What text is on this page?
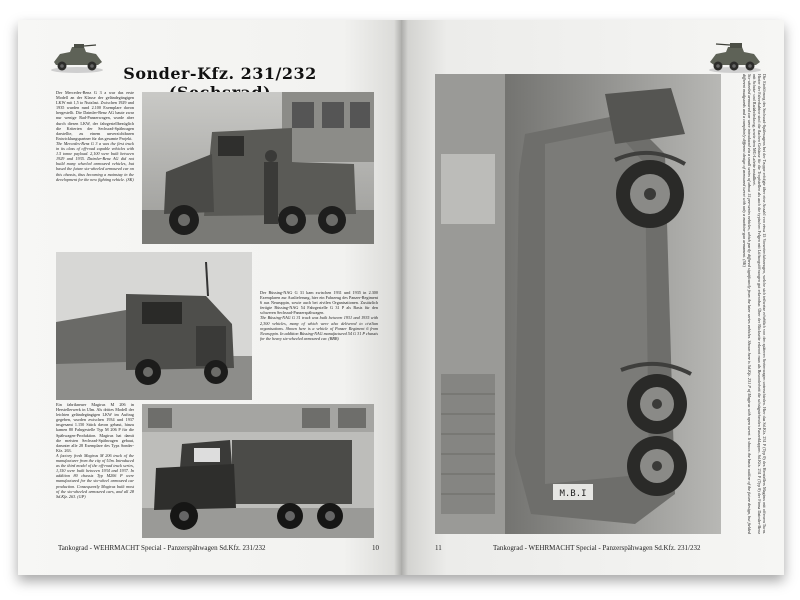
Sonder-Kfz. 231/232
Der Mercedes-Benz G 3 a war das erste Modell an der Klasse der geländegängigen LKW mit 1,5 to Nutzlast. Zwischen 1929 und 1935 wurden rund 2.100 Exemplare davon hergestellt. Die Daimler-Benz AG baute zwar nur wenige Rad-Panzerwagen, wurde aber durch diesen LKW, der fahrgestellbezüglich die Kriterien der Sechsrad-Spähwagen darstellte, zu einem unverzichtbaren Entwicklungspartner für das gesamte Projekt.
The Mercedes-Benz G 3 a was the first truck in its class of off-road capable vehicles with 1.5 tonne payload. 2,100 were built between 1929 and 1935. Daimler-Benz AG did not build many wheeled armoured vehicles, but based the future six-wheeled armoured car on this chassis, thus becoming a mainstay in the development for the new fighting vehicle. (SK)
Der Büssing-NAG G 31 kam zwischen 1931 und 1935 in 2.300 Exemplaren zur Auslieferung, hier ein Fahrzeug des Panzer-Regiment 6 aus Neuruppin, sowie auch bei zivilen Organisationen. Zusätzlich fertigte Büssing-NAG 54 Fahrgestelle G 31 P als Basis für den schweren Sechsrad-Panzerspähwagen.
The Büssing-NAG G 31 truck was built between 1931 and 1935 with 2,300 vehicles, many of which were also delivered to civilian organisations. Shown here is a vehicle of Panzer Regiment 6 from Neuruppin. In addition Büssing-NAG manufactured 54 G 31 P chassis for the heavy six-wheeled armoured car. (BBB)
Ein fabrikneuer Magirus M 206 in Herstellerwerk in Ulm. Als drittes Modell der leichten geländegängigen LKW im Auftrag gegeben, wurden zwischen 1934 und 1937 insgesamt 1.150 Stück davon gebaut, hinzu kamen 80 Fahrgestelle Typ M 206 P für die Spähwagen-Produktion. Magirus hat damit die meisten Sechsrad-Spähwagen gebaut, darunter alle 28 Exemplare des Typs Sonder-Kfz. 263.
A factory fresh Magirus M 206 truck of the manufacturer from the city of Ulm. Introduced as the third model of the off-road truck series, 1,150 were built between 1934 and 1937. In addition 80 chassis Typ M206 P were manufactured for the six-wheel armoured car production. Consequently Magirus built most of the six-wheeled armoured cars, and all 28 Sd.Kfz. 263. (GP)
Tankograd - WEHRMACHT Special - Panzerspähwagen Sd.Kfz. 231/232	10
M.B.I	Die Einführung des Sechsrad-Spähwagens bei der Truppe erfolgte über eine Anzahl von etwa 15 Vorserienfahrzeugen, welche sich teilweise erheblich von den späteren Serienwagen unterschieden. Hier das Sd.Kfz. 231 P (Typ 0) des Herstellers Magirus mit offenem Turm. Hinter der Fahrerkabine sind die flachen Gehäuse für die Tropfstellen als auch die typischen Felgen mit Lüftungsöffnungen gut erkennbar. Über der Rückseite erkennt man als Besonderheit die schrägstehenden Panzerklappen. Sd.Kfz. 231 P (Typ 0) der Firma Daimler-Benz mit Schutz- und Radabdeckung, sowie dem MG-Lafette installiert.
Six-wheeled armoured car were introduced via a small series of about 15 pre-series vehicles, which partly differed significantly from the later series vehicles. Shown here is Sd.Kfz. 231 P of Magirus with open turret. It shows the basic outline of the future design, but fielded different mudguards and a completely different design of armoured turret with only a machine-gun armament. (SK)
11	Tankograd - WEHRMACHT Special - Panzerspähwagen Sd.Kfz. 231/232
